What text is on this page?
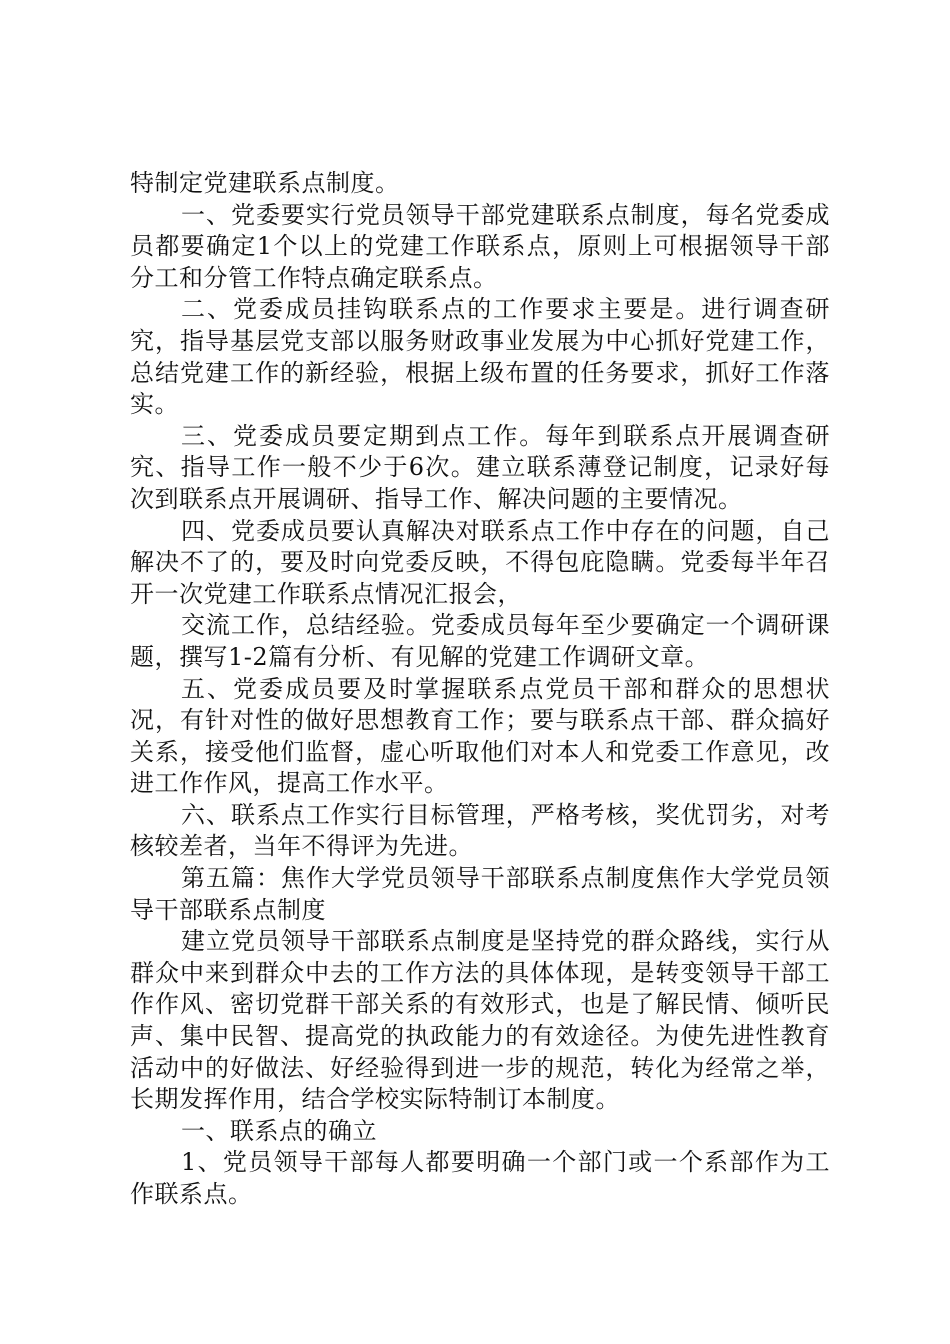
特制定党建联系点制度。

一、党委要实行党员领导干部党建联系点制度，每名党委成员都要确定1个以上的党建工作联系点，原则上可根据领导干部分工和分管工作特点确定联系点。

二、党委成员挂钩联系点的工作要求主要是。进行调查研究，指导基层党支部以服务财政事业发展为中心抓好党建工作，总结党建工作的新经验，根据上级布置的任务要求，抓好工作落实。

三、党委成员要定期到点工作。每年到联系点开展调查研究、指导工作一般不少于6次。建立联系薄登记制度，记录好每次到联系点开展调研、指导工作、解决问题的主要情况。

四、党委成员要认真解决对联系点工作中存在的问题，自己解决不了的，要及时向党委反映，不得包庇隐瞒。党委每半年召开一次党建工作联系点情况汇报会，

交流工作，总结经验。党委成员每年至少要确定一个调研课题，撰写1-2篇有分析、有见解的党建工作调研文章。

五、党委成员要及时掌握联系点党员干部和群众的思想状况，有针对性的做好思想教育工作；要与联系点干部、群众搞好关系，接受他们监督，虚心听取他们对本人和党委工作意见，改进工作作风，提高工作水平。

六、联系点工作实行目标管理，严格考核，奖优罚劣，对考核较差者，当年不得评为先进。

第五篇：焦作大学党员领导干部联系点制度焦作大学党员领导干部联系点制度

建立党员领导干部联系点制度是坚持党的群众路线，实行从群众中来到群众中去的工作方法的具体体现，是转变领导干部工作作风、密切党群干部关系的有效形式，也是了解民情、倾听民声、集中民智、提高党的执政能力的有效途径。为使先进性教育活动中的好做法、好经验得到进一步的规范，转化为经常之举，长期发挥作用，结合学校实际特制订本制度。

一、联系点的确立

1、党员领导干部每人都要明确一个部门或一个系部作为工作联系点。
